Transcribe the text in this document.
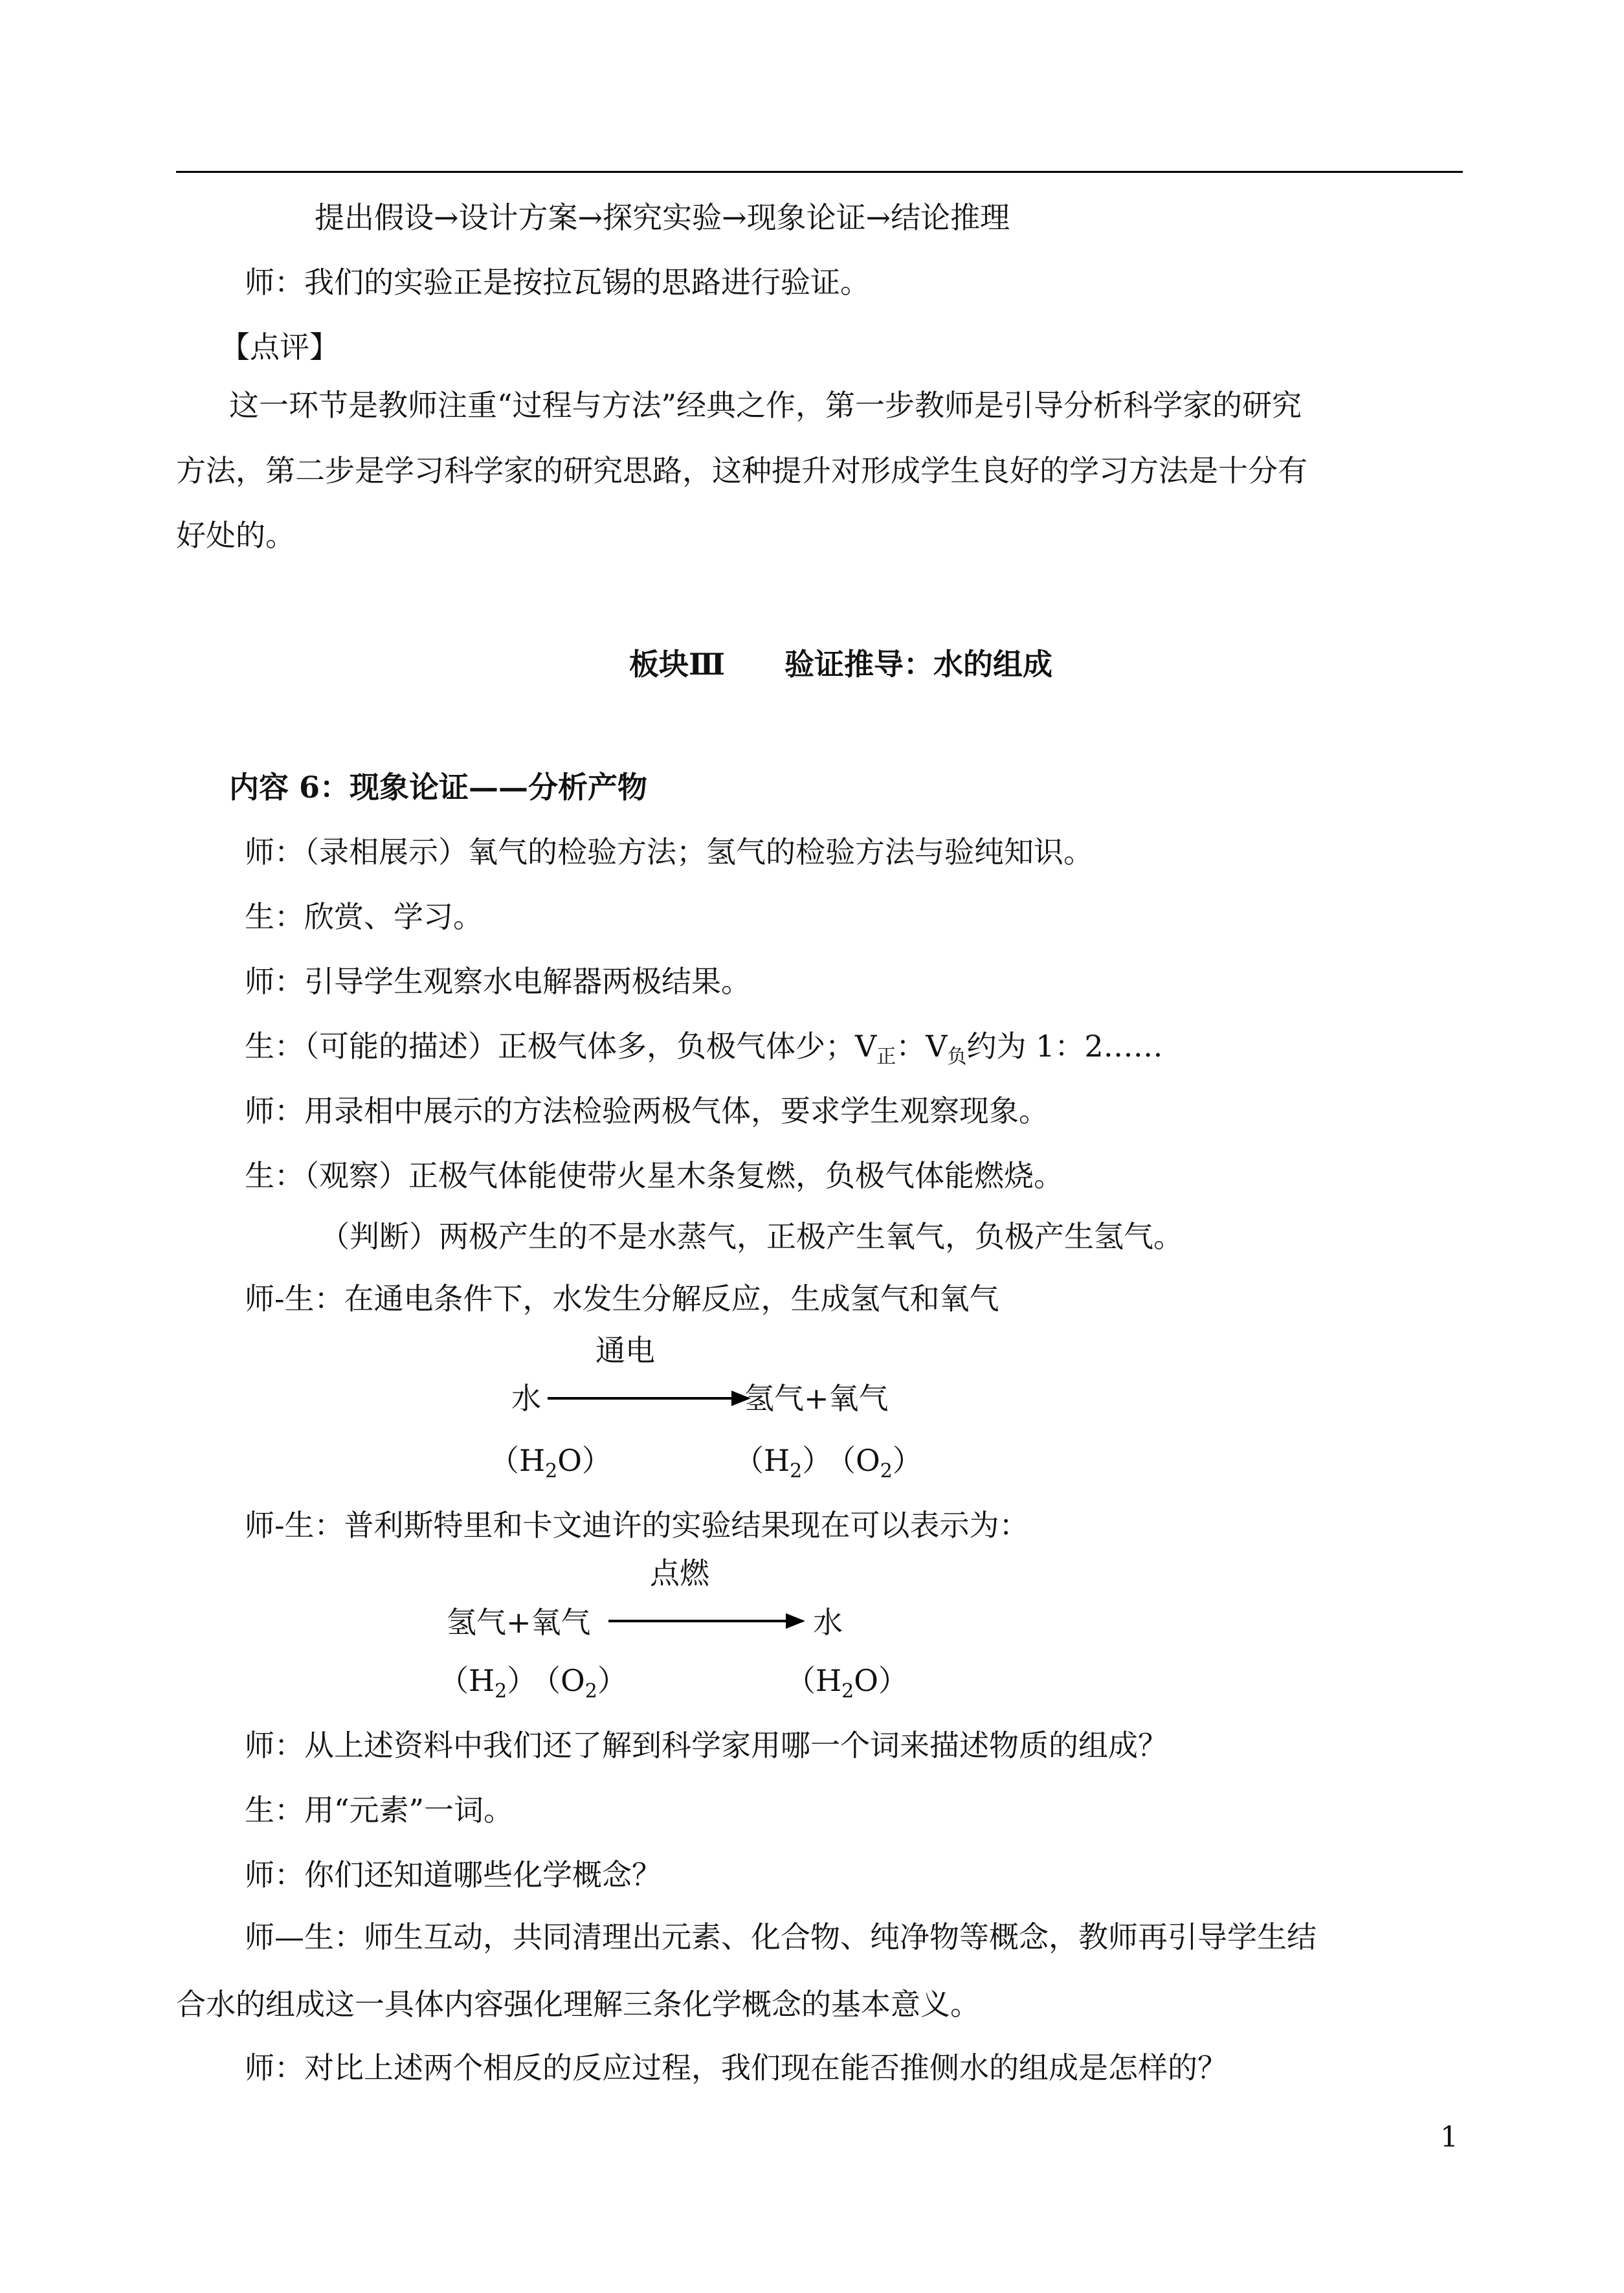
提出假设→设计方案→探究实验→现象论证→结论推理
师：我们的实验正是按拉瓦锡的思路进行验证。
【点评】
这一环节是教师注重“过程与方法”经典之作，第一步教师是引导分析科学家的研究
方法，第二步是学习科学家的研究思路，这种提升对形成学生良好的学习方法是十分有
好处的。
板块Ⅲ　　验证推导：水的组成
内容 6：现象论证——分析产物
师：（录相展示）氧气的检验方法；氢气的检验方法与验纯知识。
生：欣赏、学习。
师：引导学生观察水电解器两极结果。
生：（可能的描述）正极气体多，负极气体少；$V_正$：$V_负$约为 1：2……
师：用录相中展示的方法检验两极气体，要求学生观察现象。
生：（观察）正极气体能使带火星木条复燃，负极气体能燃烧。
（判断）两极产生的不是水蒸气，正极产生氧气，负极产生氢气。
师-生：在通电条件下，水发生分解反应，生成氢气和氧气
通电
水	氢气+氧气
$(H_2O)$	$(H_2)$
$(O_2)$
师-生：普利斯特里和卡文迪许的实验结果现在可以表示为：
点燃
氢气+氧气	水
$(H_2)$
$(O_2)$	$(H_2O)$
师：从上述资料中我们还了解到科学家用哪一个词来描述物质的组成？
生：用“元素”一词。
师：你们还知道哪些化学概念？
师—生：师生互动，共同清理出元素、化合物、纯净物等概念，教师再引导学生结
合水的组成这一具体内容强化理解三条化学概念的基本意义。
师：对比上述两个相反的反应过程，我们现在能否推侧水的组成是怎样的？
1
